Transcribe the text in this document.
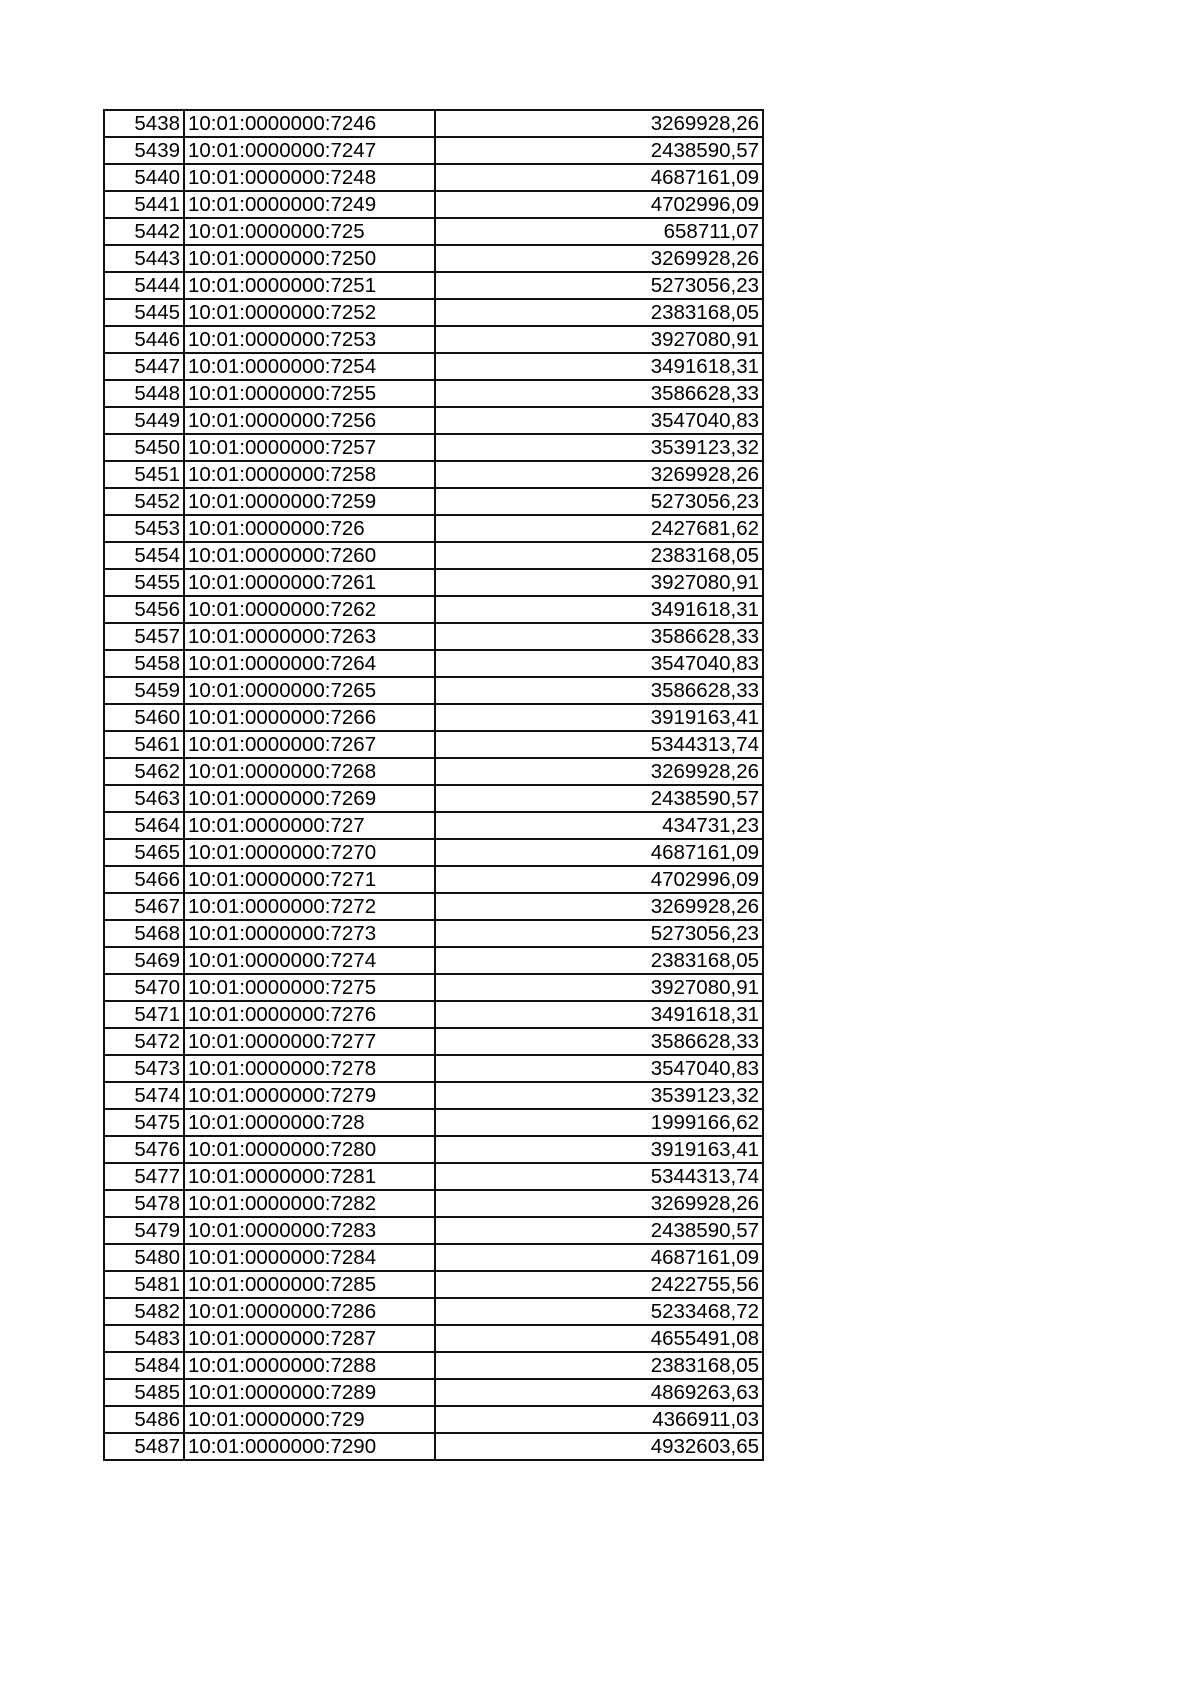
5438	10:01:0000000:7246	3269928,26
5439	10:01:0000000:7247	2438590,57
5440	10:01:0000000:7248	4687161,09
5441	10:01:0000000:7249	4702996,09
5442	10:01:0000000:725	658711,07
5443	10:01:0000000:7250	3269928,26
5444	10:01:0000000:7251	5273056,23
5445	10:01:0000000:7252	2383168,05
5446	10:01:0000000:7253	3927080,91
5447	10:01:0000000:7254	3491618,31
5448	10:01:0000000:7255	3586628,33
5449	10:01:0000000:7256	3547040,83
5450	10:01:0000000:7257	3539123,32
5451	10:01:0000000:7258	3269928,26
5452	10:01:0000000:7259	5273056,23
5453	10:01:0000000:726	2427681,62
5454	10:01:0000000:7260	2383168,05
5455	10:01:0000000:7261	3927080,91
5456	10:01:0000000:7262	3491618,31
5457	10:01:0000000:7263	3586628,33
5458	10:01:0000000:7264	3547040,83
5459	10:01:0000000:7265	3586628,33
5460	10:01:0000000:7266	3919163,41
5461	10:01:0000000:7267	5344313,74
5462	10:01:0000000:7268	3269928,26
5463	10:01:0000000:7269	2438590,57
5464	10:01:0000000:727	434731,23
5465	10:01:0000000:7270	4687161,09
5466	10:01:0000000:7271	4702996,09
5467	10:01:0000000:7272	3269928,26
5468	10:01:0000000:7273	5273056,23
5469	10:01:0000000:7274	2383168,05
5470	10:01:0000000:7275	3927080,91
5471	10:01:0000000:7276	3491618,31
5472	10:01:0000000:7277	3586628,33
5473	10:01:0000000:7278	3547040,83
5474	10:01:0000000:7279	3539123,32
5475	10:01:0000000:728	1999166,62
5476	10:01:0000000:7280	3919163,41
5477	10:01:0000000:7281	5344313,74
5478	10:01:0000000:7282	3269928,26
5479	10:01:0000000:7283	2438590,57
5480	10:01:0000000:7284	4687161,09
5481	10:01:0000000:7285	2422755,56
5482	10:01:0000000:7286	5233468,72
5483	10:01:0000000:7287	4655491,08
5484	10:01:0000000:7288	2383168,05
5485	10:01:0000000:7289	4869263,63
5486	10:01:0000000:729	4366911,03
5487	10:01:0000000:7290	4932603,65
